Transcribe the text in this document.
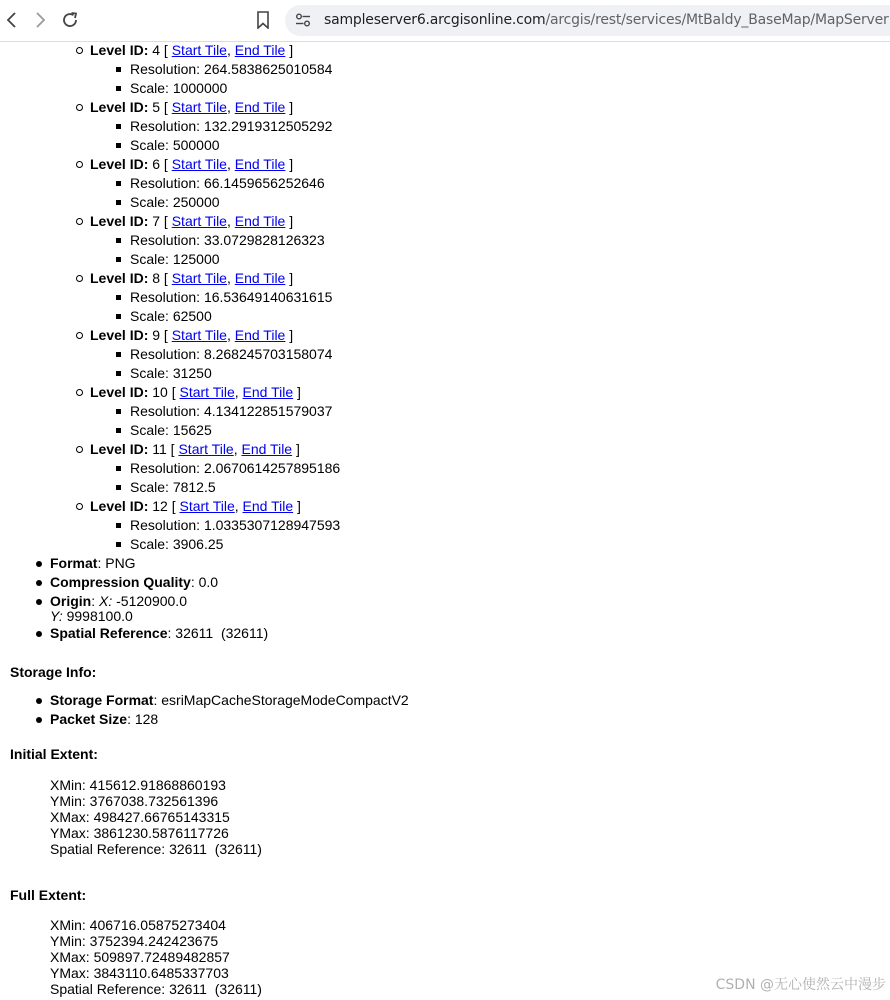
sampleserver6.arcgisonline.com/arcgis/rest/services/MtBaldy_BaseMap/MapServer
Level ID: 4 [ Start Tile, End Tile ]
Resolution: 264.5838625010584
Scale: 1000000
Level ID: 5 [ Start Tile, End Tile ]
Resolution: 132.2919312505292
Scale: 500000
Level ID: 6 [ Start Tile, End Tile ]
Resolution: 66.1459656252646
Scale: 250000
Level ID: 7 [ Start Tile, End Tile ]
Resolution: 33.0729828126323
Scale: 125000
Level ID: 8 [ Start Tile, End Tile ]
Resolution: 16.53649140631615
Scale: 62500
Level ID: 9 [ Start Tile, End Tile ]
Resolution: 8.268245703158074
Scale: 31250
Level ID: 10 [ Start Tile, End Tile ]
Resolution: 4.134122851579037
Scale: 15625
Level ID: 11 [ Start Tile, End Tile ]
Resolution: 2.0670614257895186
Scale: 7812.5
Level ID: 12 [ Start Tile, End Tile ]
Resolution: 1.0335307128947593
Scale: 3906.25
Format: PNG
Compression Quality: 0.0
Origin: X: -5120900.0
Y: 9998100.0
Spatial Reference: 32611  (32611)
Storage Info:
Storage Format: esriMapCacheStorageModeCompactV2
Packet Size: 128
Initial Extent:
XMin: 415612.91868860193
YMin: 3767038.732561396
XMax: 498427.66765143315
YMax: 3861230.5876117726
Spatial Reference: 32611  (32611)
Full Extent:
XMin: 406716.05875273404
YMin: 3752394.242423675
XMax: 509897.72489482857
YMax: 3843110.6485337703
Spatial Reference: 32611  (32611)	CSDN @无心使然云中漫步
